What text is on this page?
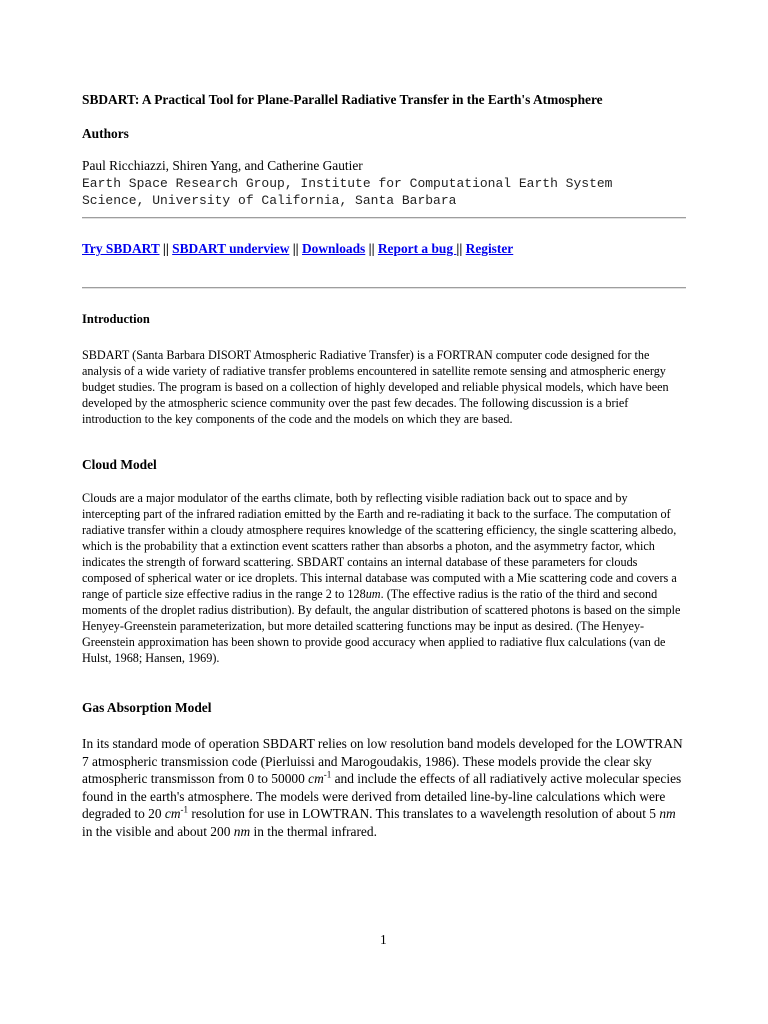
SBDART: A Practical Tool for Plane-Parallel Radiative Transfer in the Earth's Atmosphere
Authors

Paul Ricchiazzi, Shiren Yang, and Catherine Gautier

Earth Space Research Group, Institute for Computational Earth System
Science, University of California, Santa Barbara

Try SBDART || SBDART underview || Downloads || Report a bug || Register
Introduction

SBDART (Santa Barbara DISORT Atmospheric Radiative Transfer) is a FORTRAN computer code designed for the analysis of a wide variety of radiative transfer problems encountered in satellite remote sensing and atmospheric energy budget studies. The program is based on a collection of highly developed and reliable physical models, which have been developed by the atmospheric science community over the past few decades. The following discussion is a brief introduction to the key components of the code and the models on which they are based.

Cloud Model

Clouds are a major modulator of the earths climate, both by reflecting visible radiation back out to space and by intercepting part of the infrared radiation emitted by the Earth and re-radiating it back to the surface. The computation of radiative transfer within a cloudy atmosphere requires knowledge of the scattering efficiency, the single scattering albedo, which is the probability that a extinction event scatters rather than absorbs a photon, and the asymmetry factor, which indicates the strength of forward scattering. SBDART contains an internal database of these parameters for clouds composed of spherical water or ice droplets. This internal database was computed with a Mie scattering code and covers a range of particle size effective radius in the range 2 to 128um. (The effective radius is the ratio of the third and second moments of the droplet radius distribution). By default, the angular distribution of scattered photons is based on the simple Henyey-Greenstein parameterization, but more detailed scattering functions may be input as desired. (The Henyey-Greenstein approximation has been shown to provide good accuracy when applied to radiative flux calculations (van de Hulst, 1968; Hansen, 1969).

Gas Absorption Model

In its standard mode of operation SBDART relies on low resolution band models developed for the LOWTRAN 7 atmospheric transmission code (Pierluissi and Marogoudakis, 1986). These models provide the clear sky atmospheric transmisson from 0 to 50000 $cm^{-1}$ and include the effects of all radiatively active molecular species found in the earth's atmosphere. The models were derived from detailed line-by-line calculations which were degraded to 20 $cm^{-1}$ resolution for use in LOWTRAN. This translates to a wavelength resolution of about 5 nm in the visible and about 200 nm in the thermal infrared.

1
